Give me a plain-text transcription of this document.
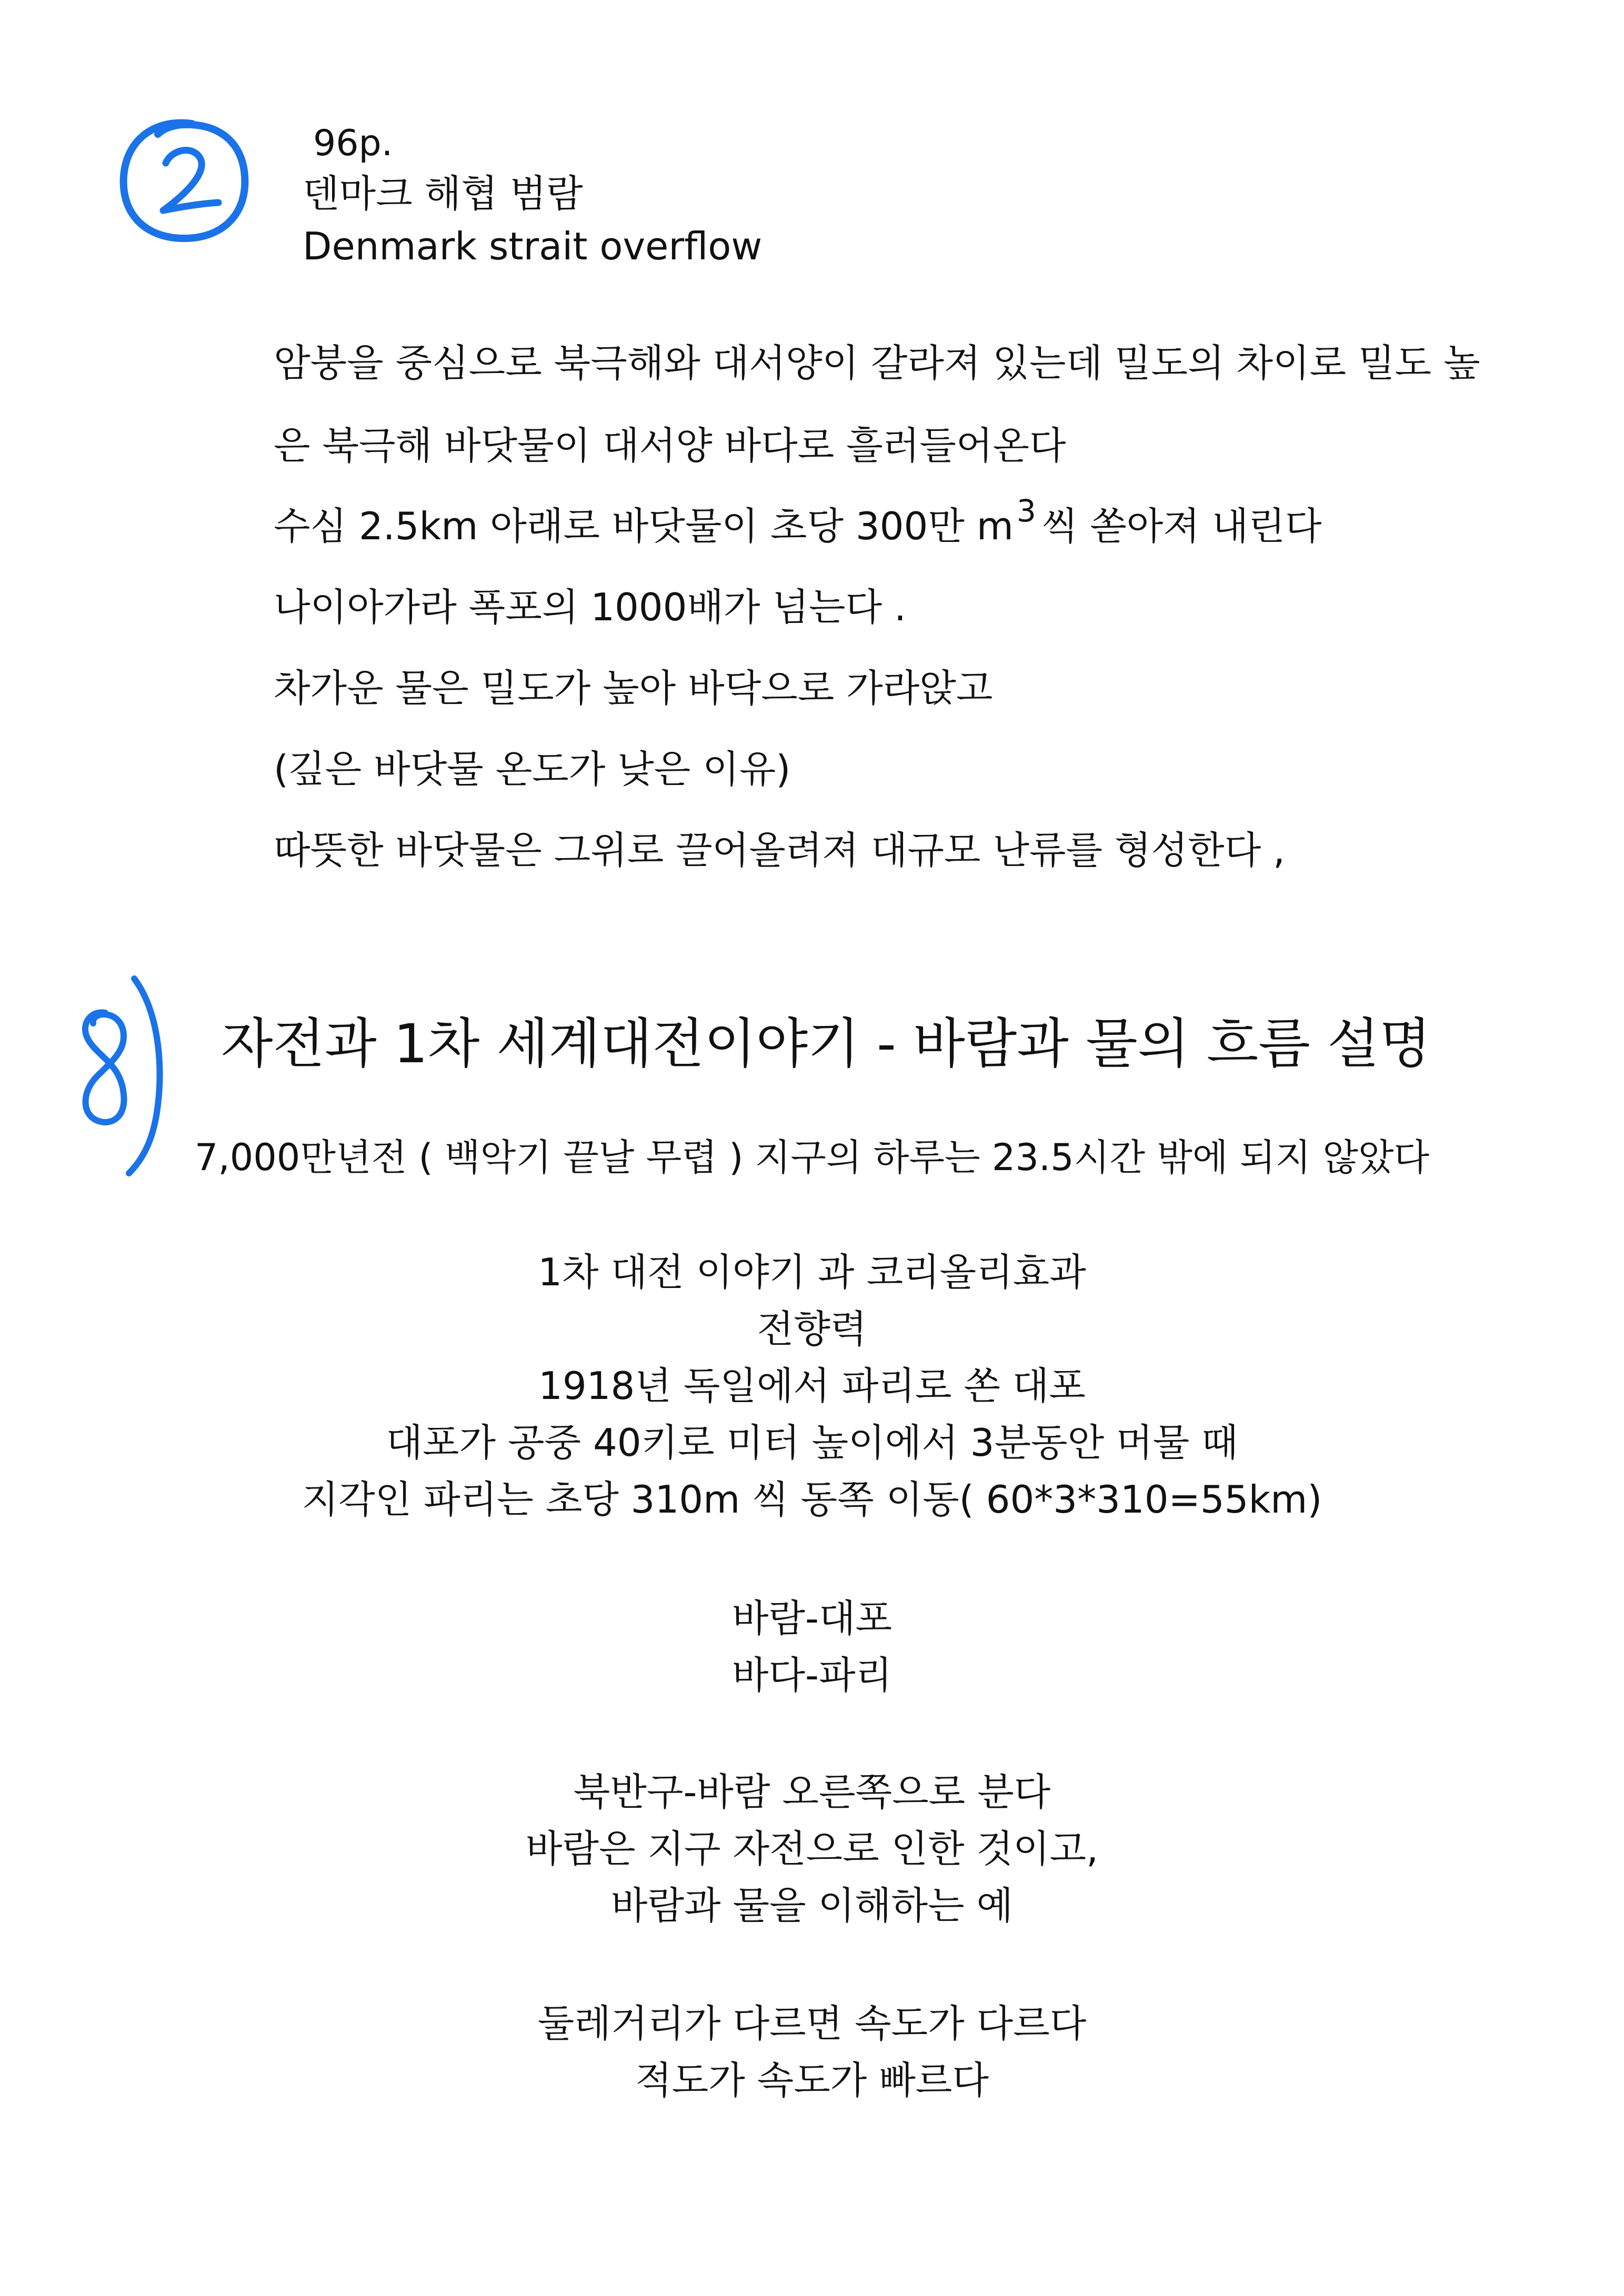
96p.
덴마크 해협 범람
Denmark strait overflow
암붕을 중심으로 북극해와 대서양이 갈라져 있는데 밀도의 차이로 밀도 높
은 북극해 바닷물이 대서양 바다로 흘러들어온다
수심 2.5km 아래로 바닷물이 초당 300만 m $^3$ 씩 쏟아져 내린다
나이아가라 폭포의 1000배가 넘는다 .
차가운 물은 밀도가 높아 바닥으로 가라앉고
(깊은 바닷물 온도가 낮은 이유)
따뜻한 바닷물은 그위로 끌어올려져 대규모 난류를 형성한다 ,
자전과 1차 세계대전이야기 - 바람과 물의 흐름 설명
7,000만년전 ( 백악기 끝날 무렵 ) 지구의 하루는 23.5시간 밖에 되지 않았다
1차 대전 이야기 과 코리올리효과
전향력
1918년 독일에서 파리로 쏜 대포
대포가 공중 40키로 미터 높이에서 3분동안 머물 때
지각인 파리는 초당 310m 씩 동쪽 이동( 60*3*310=55km)
바람-대포
바다-파리
북반구-바람 오른쪽으로 분다
바람은 지구 자전으로 인한 것이고,
바람과 물을 이해하는 예
둘레거리가 다르면 속도가 다르다
적도가 속도가 빠르다
